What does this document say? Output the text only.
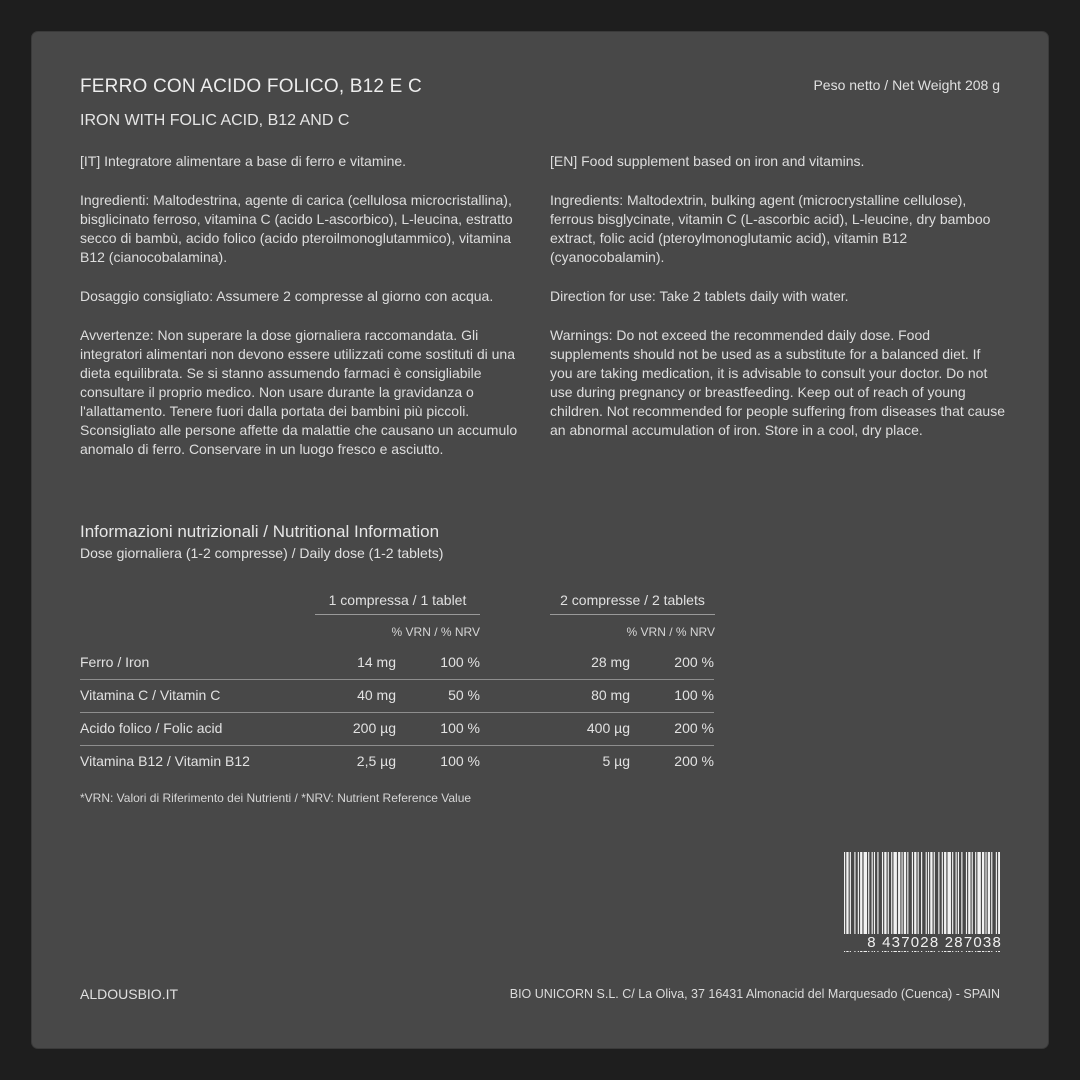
FERRO CON ACIDO FOLICO, B12 E C
IRON WITH FOLIC ACID, B12 AND C
Peso netto / Net Weight 208 g

[IT] Integratore alimentare a base di ferro e vitamine.

Ingredienti: Maltodestrina, agente di carica (cellulosa microcristallina), bisglicinato ferroso, vitamina C (acido L-ascorbico), L-leucina, estratto secco di bambù, acido folico (acido pteroilmonoglutammico), vitamina B12 (cianocobalamina).

Dosaggio consigliato: Assumere 2 compresse al giorno con acqua.

Avvertenze: Non superare la dose giornaliera raccomandata. Gli integratori alimentari non devono essere utilizzati come sostituti di una dieta equilibrata. Se si stanno assumendo farmaci è consigliabile consultare il proprio medico. Non usare durante la gravidanza o l'allattamento. Tenere fuori dalla portata dei bambini più piccoli. Sconsigliato alle persone affette da malattie che causano un accumulo anomalo di ferro. Conservare in un luogo fresco e asciutto.

[EN] Food supplement based on iron and vitamins.

Ingredients: Maltodextrin, bulking agent (microcrystalline cellulose), ferrous bisglycinate, vitamin C (L-ascorbic acid), L-leucine, dry bamboo extract, folic acid (pteroylmonoglutamic acid), vitamin B12 (cyanocobalamin).

Direction for use: Take 2 tablets daily with water.

Warnings: Do not exceed the recommended daily dose. Food supplements should not be used as a substitute for a balanced diet. If you are taking medication, it is advisable to consult your doctor. Do not use during pregnancy or breastfeeding. Keep out of reach of young children. Not recommended for people suffering from diseases that cause an abnormal accumulation of iron. Store in a cool, dry place.

Informazioni nutrizionali / Nutritional Information
Dose giornaliera (1-2 compresse) / Daily dose (1-2 tablets)
1 compressa / 1 tablet	2 compresse / 2 tablets
% VRN / % NRV	% VRN / % NRV
Ferro / Iron	14 mg	100 %	28 mg	200 %
Vitamina C / Vitamin C	40 mg	50 %	80 mg	100 %
Acido folico / Folic acid	200 µg	100 %	400 µg	200 %
Vitamina B12 / Vitamin B12	2,5 µg	100 %	5 µg	200 %
*VRN: Valori di Riferimento dei Nutrienti / *NRV: Nutrient Reference Value
8 437028 287038
ALDOUSBIO.IT	BIO UNICORN S.L. C/ La Oliva, 37 16431 Almonacid del Marquesado (Cuenca) - SPAIN
